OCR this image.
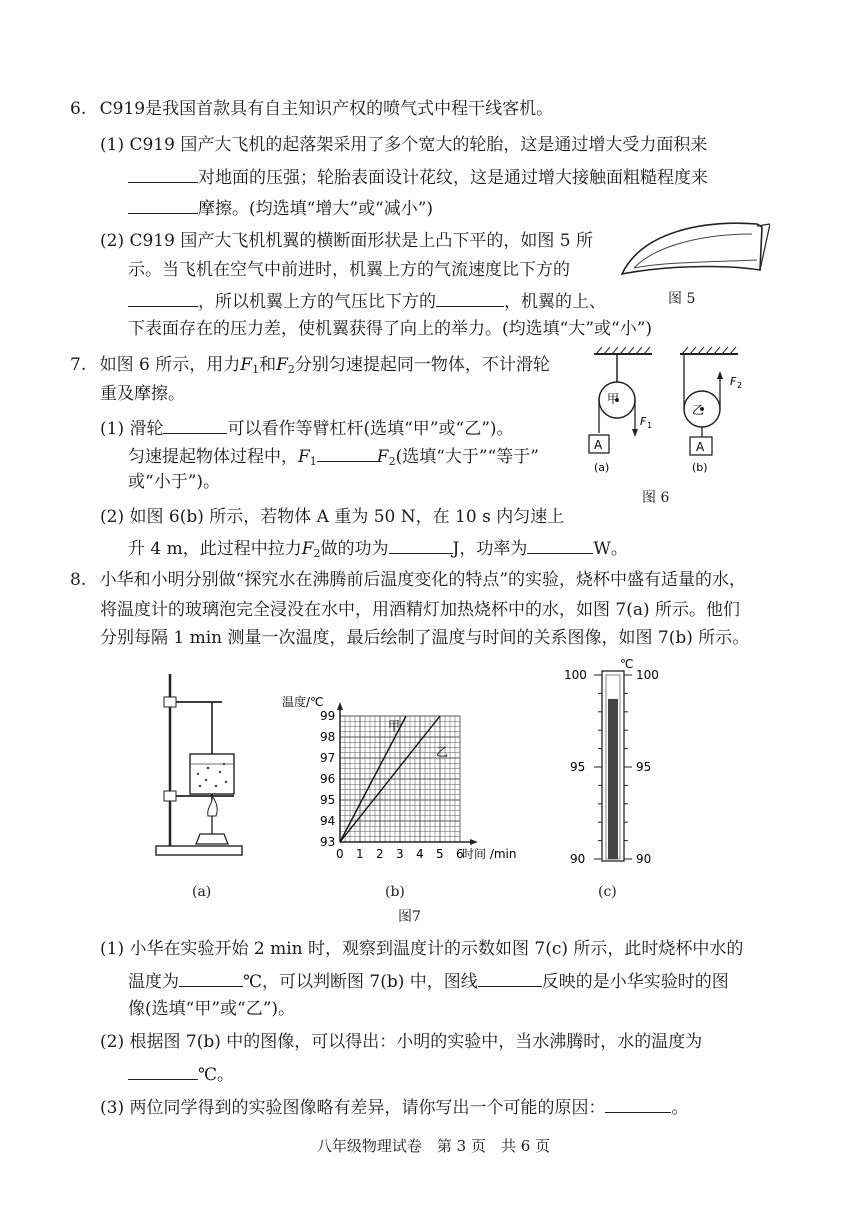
6. C919是我国首款具有自主知识产权的喷气式中程干线客机。
(1) C919 国产大飞机的起落架采用了多个宽大的轮胎，这是通过增大受力面积来
对地面的压强；轮胎表面设计花纹，这是通过增大接触面粗糙程度来
摩擦。(均选填“增大”或“减小”)
(2) C919 国产大飞机机翼的横断面形状是上凸下平的，如图 5 所
示。当飞机在空气中前进时，机翼上方的气流速度比下方的
，所以机翼上方的气压比下方的	，机翼的上、
下表面存在的压力差，使机翼获得了向上的举力。(均选填“大”或“小”)
图 5
7. 如图 6 所示，用力$F_1$和$F_2$分别匀速提起同一物体，不计滑轮
重及摩擦。
(1) 滑轮	可以看作等臂杠杆(选填“甲”或“乙”)。
匀速提起物体过程中，$F_1$	$F_2$(选填“大于”“等于”
或“小于”)。
(2) 如图 6(b) 所示，若物体 A 重为 50 N，在 10 s 内匀速上
升 4 m，此过程中拉力$F_2$做的功为	J，功率为	W。
A
甲
F 1
(a)
A
乙
F 2
(b)
图 6
8. 小华和小明分别做“探究水在沸腾前后温度变化的特点”的实验，烧杯中盛有适量的水，
将温度计的玻璃泡完全浸没在水中，用酒精灯加热烧杯中的水，如图 7(a) 所示。他们
分别每隔 1 min 测量一次温度，最后绘制了温度与时间的关系图像，如图 7(b) 所示。
(a)
温度/℃
时间 /min
0 1 2 3 4 5 6
93
94
95
96
97
98
99
甲
乙
(b)
℃
100	100
95	95
90	90
(c)
图7
(1) 小华在实验开始 2 min 时，观察到温度计的示数如图 7(c) 所示，此时烧杯中水的
温度为	℃，可以判断图 7(b) 中，图线	反映的是小华实验时的图
像(选填“甲”或“乙”)。
(2) 根据图 7(b) 中的图像，可以得出：小明的实验中，当水沸腾时，水的温度为
℃。
(3) 两位同学得到的实验图像略有差异，请你写出一个可能的原因：	。
八年级物理试卷　第 3 页　共 6 页
